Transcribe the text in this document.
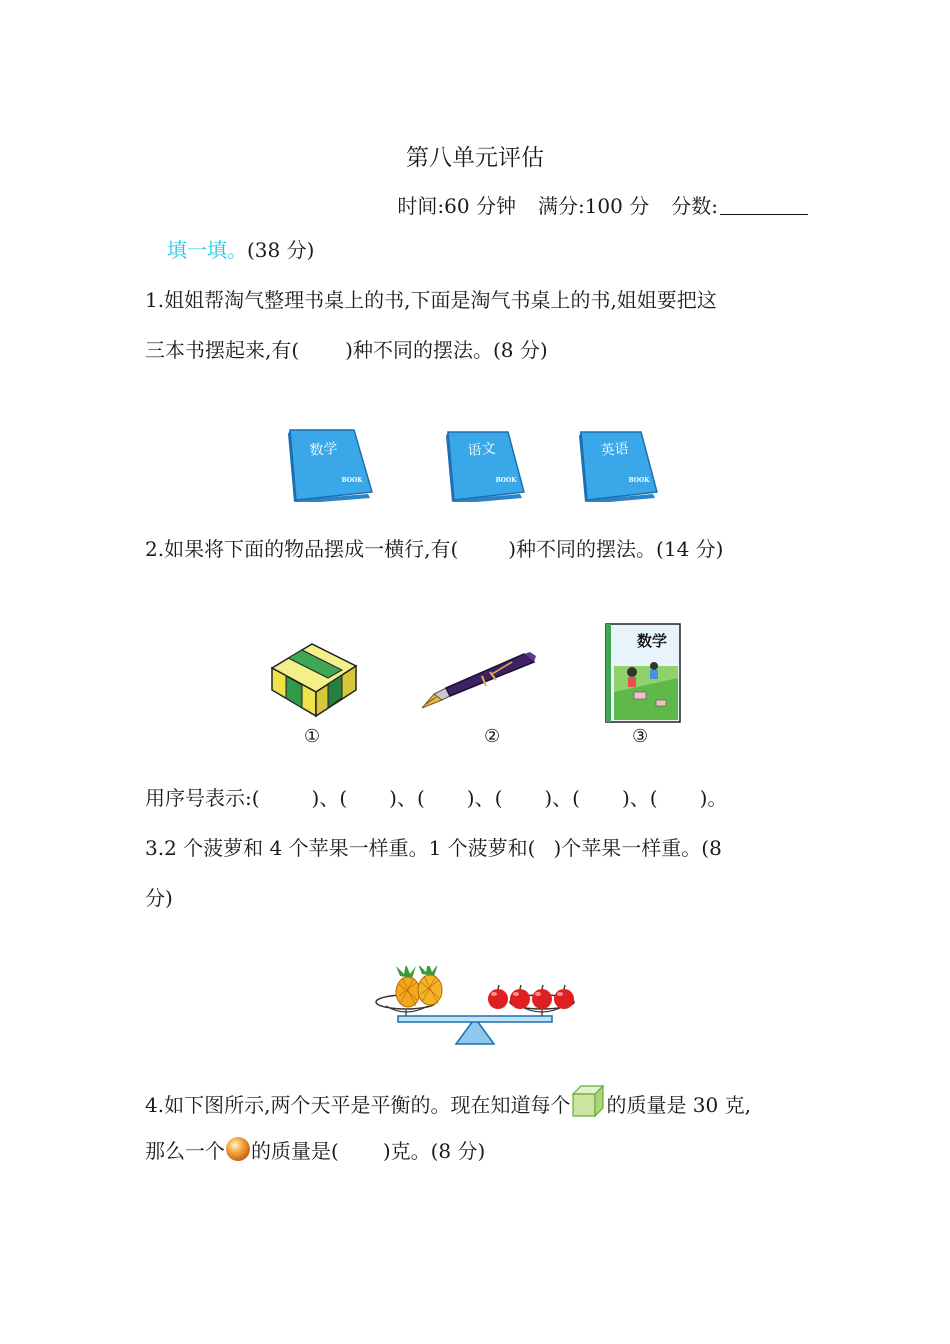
第八单元评估
时间:60 分钟 满分:100 分 分数:
填一填。(38 分)
1.姐姐帮淘气整理书桌上的书,下面是淘气书桌上的书,姐姐要把这
三本书摆起来,有( )种不同的摆法。(8 分)
数学
BOOK
语文
BOOK
英语
BOOK
2.如果将下面的物品摆成一横行,有(	)种不同的摆法。(14 分)
①	②
数学
③
用序号表示:(	)、( )、( )、( )、( )、( )。
3.2 个菠萝和 4 个苹果一样重。1 个菠萝和( )个苹果一样重。(8
分)
4.如下图所示,两个天平是平衡的。现在知道每个 的质量是 30 克,
那么一个 的质量是( )克。(8 分)
